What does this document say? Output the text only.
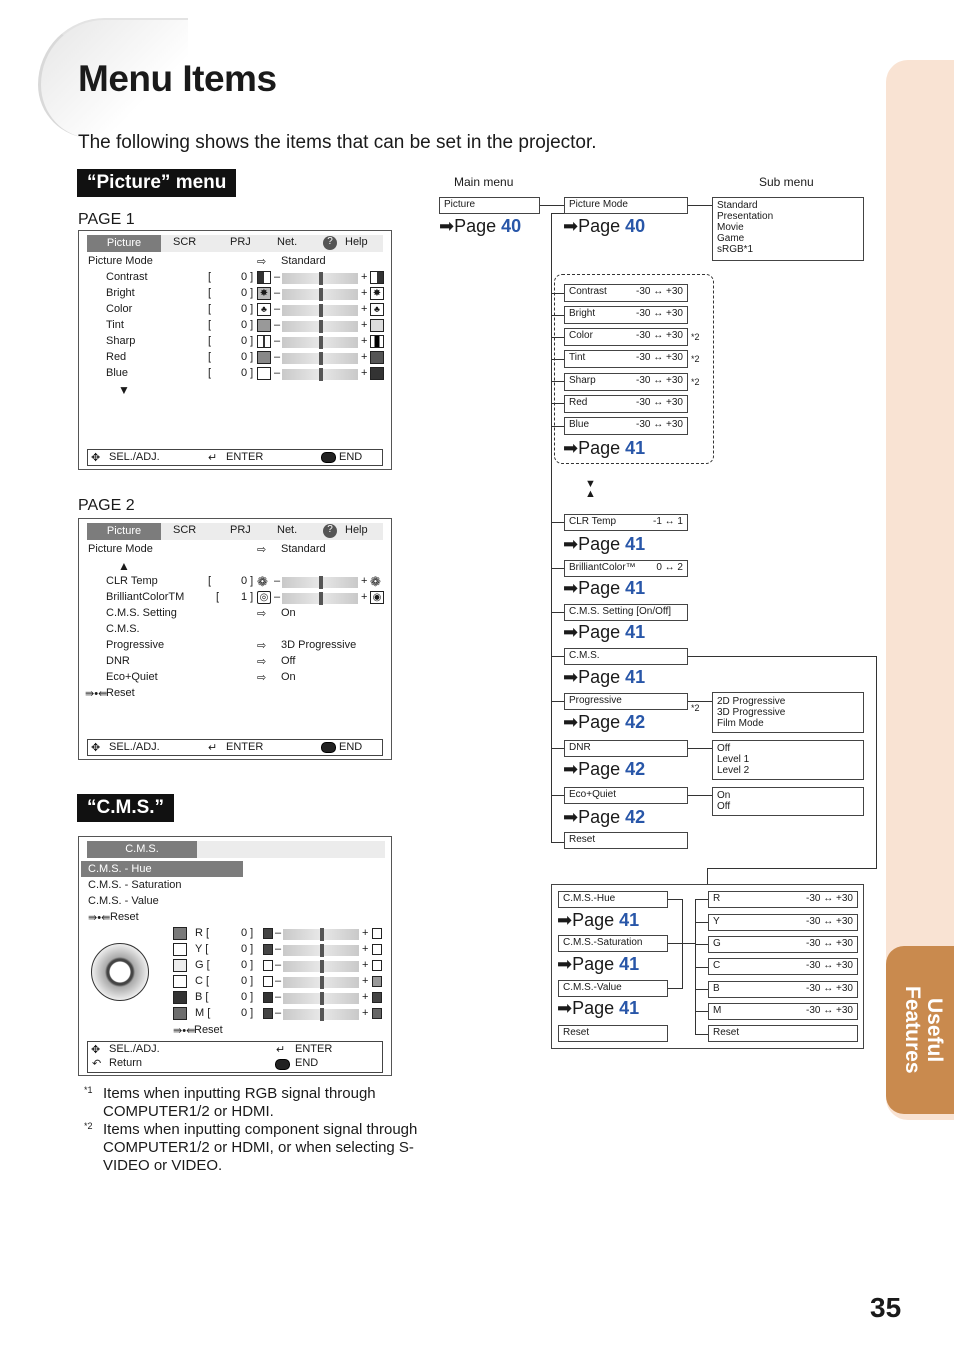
Menu Items
The following shows the items that can be set in the projector.
Useful Features
35
“Picture” menu
PAGE 1
PAGE 2
Picture	SCR	PRJ Net.	?	Help
Picture Mode	⇨ Standard
Contrast	[	0 ] –	+
Bright	[	0 ] ✸ –	+ ✸
Color	[	0 ] ♣ –	+ ♣
Tint	[	0 ] –	+
Sharp	[	0 ] –	+
Red	[	0 ] –	+
Blue	[	0 ] –	+
▼
✥ SEL./ADJ.	↵ ENTER	END
Picture	SCR	PRJ Net.	?	Help
Picture Mode	⇨ Standard
▲
CLR Temp	[	0 ] ❁ –	+ ❁
BrilliantColorTM	[ 1 ] ◎ –	+ ◉
C.M.S. Setting	⇨ On
C.M.S.
Progressive	⇨ 3D Progressive
DNR	⇨ Off
Eco+Quiet	⇨ On
⇛•⇚
Reset
✥ SEL./ADJ.	↵ ENTER	END
“C.M.S.”
C.M.S.
C.M.S. - Hue
C.M.S. - Saturation
C.M.S. - Value
⇛•⇚ Reset
R [	0 ] –	+
Y [	0 ] –	+
G [	0 ] –	+
C [	0 ] –	+
B [	0 ] –	+
M [	0 ] –	+
⇛•⇚
Reset
✥ SEL./ADJ.
↶ Return
↵ ENTER
END
*1 Items when inputting RGB signal through COMPUTER1/2 or HDMI.
*2 Items when inputting component signal through COMPUTER1/2 or HDMI, or when selecting S-VIDEO or VIDEO.
Main menu	Sub menu
Picture	Picture Mode	Standard
Presentation
Movie
Game
sRGB*1
➡Page 40 ➡Page 40
Contrast	-30 ↔ +30
Bright	-30 ↔ +30
Color	-30 ↔ +30 *2
Tint	-30 ↔ +30 *2
Sharp	-30 ↔ +30 *2
Red	-30 ↔ +30
Blue	-30 ↔ +30
➡Page 41
▼
▲
CLR Temp	-1 ↔ 1
➡Page 41
BrilliantColor™ 0 ↔ 2
➡Page 41
C.M.S. Setting [On/Off]
➡Page 41
C.M.S.
➡Page 41
Progressive
*2
2D Progressive
3D Progressive
Film Mode
➡Page 42
DNR	Off
Level 1
Level 2
➡Page 42
Eco+Quiet	On
Off
➡Page 42
Reset
C.M.S.-Hue
➡Page 41
C.M.S.-Saturation
➡Page 41
C.M.S.-Value
➡Page 41
Reset
R	-30 ↔ +30
Y	-30 ↔ +30
G	-30 ↔ +30
C	-30 ↔ +30
B	-30 ↔ +30
M	-30 ↔ +30
Reset
